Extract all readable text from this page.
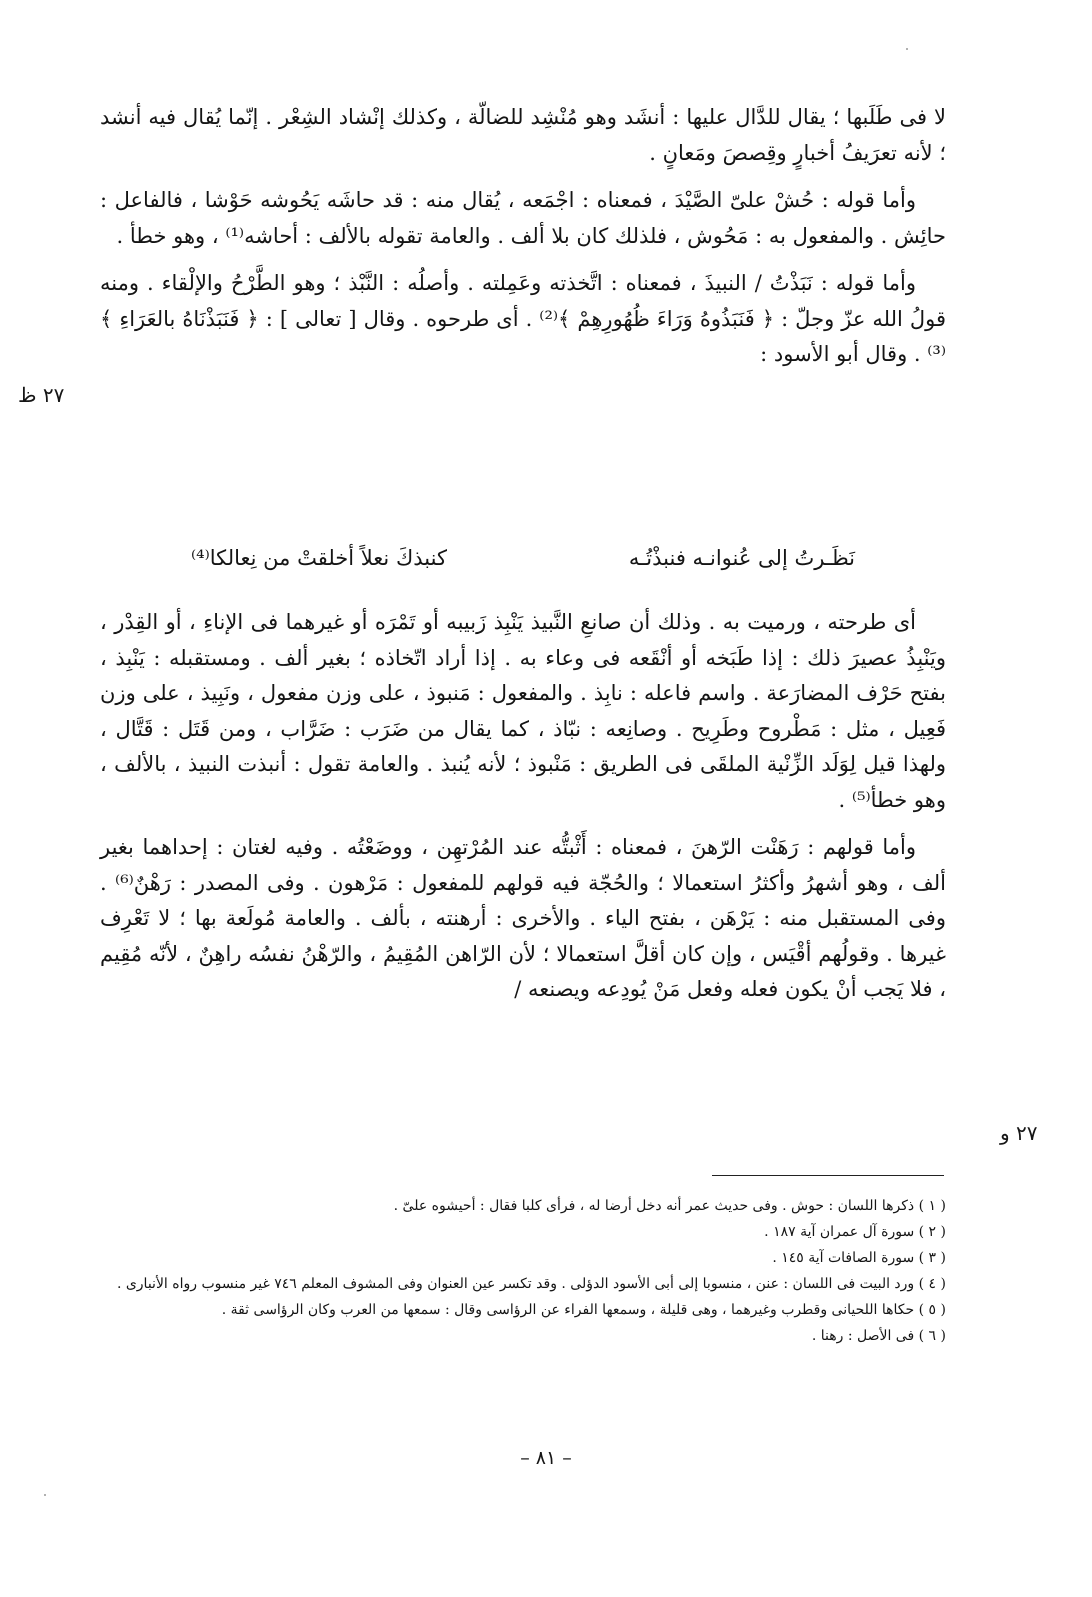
لا فى طَلَبها ؛ يقال للدَّال عليها : أنشَد وهو مُنْشِد للضالّة ، وكذلك إنْشاد الشِعْر . إنّما يُقال فيه أنشد ؛ لأنه تعرَيفُ أخبارٍ وقِصصَ ومَعانٍ .

وأما قوله : حُشْ علىّ الصَّيْدَ ، فمعناه : اجْمَعه ، يُقال منه : قد حاشَه يَحُوشه حَوْشا ، فالفاعل : حائِش . والمفعول به : مَحُوش ، فلذلك كان بلا ألف . والعامة تقوله بالألف : أحاشه⁽¹⁾ ، وهو خطأ .

وأما قوله : نَبَذْتُ / النبيذَ ، فمعناه : اتَّخذته وعَمِلته . وأصلُه : النَّبْذ ؛ وهو الطَّرْحُ والإلْقاء . ومنه قولُ الله عزّ وجلّ : ﴿ فَنَبَذُوهُ وَرَاءَ ظُهُورِهِمْ ﴾⁽²⁾ . أى طرحوه . وقال [ تعالى ] : ﴿ فَنَبَذْنَاهُ بالعَرَاءِ ﴾⁽³⁾ . وقال أبو الأسود :

نَظَـرتُ إلى عُنوانـه فنبذْتُـه
كنبذكَ نعلاً أخلقتْ من نِعالكا⁽⁴⁾

أى طرحته ، ورميت به . وذلك أن صانعِ النَّبيذ يَنْبِذ زَبيبه أو تَمْرَه أو غيرهما فى الإناءِ ، أو القِدْر ، ويَنْبِذُ عصيرَ ذلك : إذا طَبَخه أو أنْقَعه فى وعاء به . إذا أراد اتّخاذه ؛ بغير ألف . ومستقبله : يَنْبِذ ، بفتح حَرْف المضارَعة . واسم فاعله : نابِذ . والمفعول : مَنبوذ ، على وزن مفعول ، ونَبِيذ ، على وزن فَعِيل ، مثل : مَطْروح وطَرِيح . وصانِعه : نبّاذ ، كما يقال من ضَرَب : ضَرَّاب ، ومن قَتَل : قَتَّال ، ولهذا قيل لِوَلَد الزِّنْية الملقَى فى الطريق : مَنْبوذ ؛ لأنه يُنبذ . والعامة تقول : أنبذت النبيذ ، بالألف ، وهو خطأ⁽⁵⁾ .

وأما قولهم : رَهَنْت الرّهنَ ، فمعناه : أَثْبتُّه عند المُرْتهِن ، ووضَعْتُه . وفيه لغتان : إحداهما بغير ألف ، وهو أشهرُ وأكثرُ استعمالا ؛ والحُجّة فيه قولهم للمفعول : مَرْهون . وفى المصدر : رَهْنٌ⁽⁶⁾ . وفى المستقبل منه : يَرْهَن ، بفتح الياء . والأخرى : أرهنته ، بألف . والعامة مُولَعة بها ؛ لا تَعْرِف غيرها . وقولُهم أقْيَس ، وإن كان أقلَّ استعمالا ؛ لأن الرّاهن المُقِيمُ ، والرّهْنُ نفسُه راهِنٌ ، لأنّه مُقِيم ، فلا يَجب أنْ يكون فعله وفعل مَنْ يُودِعه ويصنعه /

٢٧ ظ
٢٧ و

( ١ ) ذكرها اللسان : حوش . وفى حديث عمر أنه دخل أرضا له ، فرأى كلبا فقال : أحيشوه علىّ .

( ٢ ) سورة آل عمران آية ١٨٧ .

( ٣ ) سورة الصافات آية ١٤٥ .

( ٤ ) ورد البيت فى اللسان : عنن ، منسوبا إلى أبى الأسود الدؤلى . وقد تكسر عين العنوان وفى المشوف المعلم ٧٤٦ غير منسوب رواه الأنبارى .

( ٥ ) حكاها اللحيانى وقطرب وغيرهما ، وهى قليلة ، وسمعها الفراء عن الرؤاسى وقال : سمعها من العرب وكان الرؤاسى ثقة .

( ٦ ) فى الأصل : رهنا .

– ٨١ –
